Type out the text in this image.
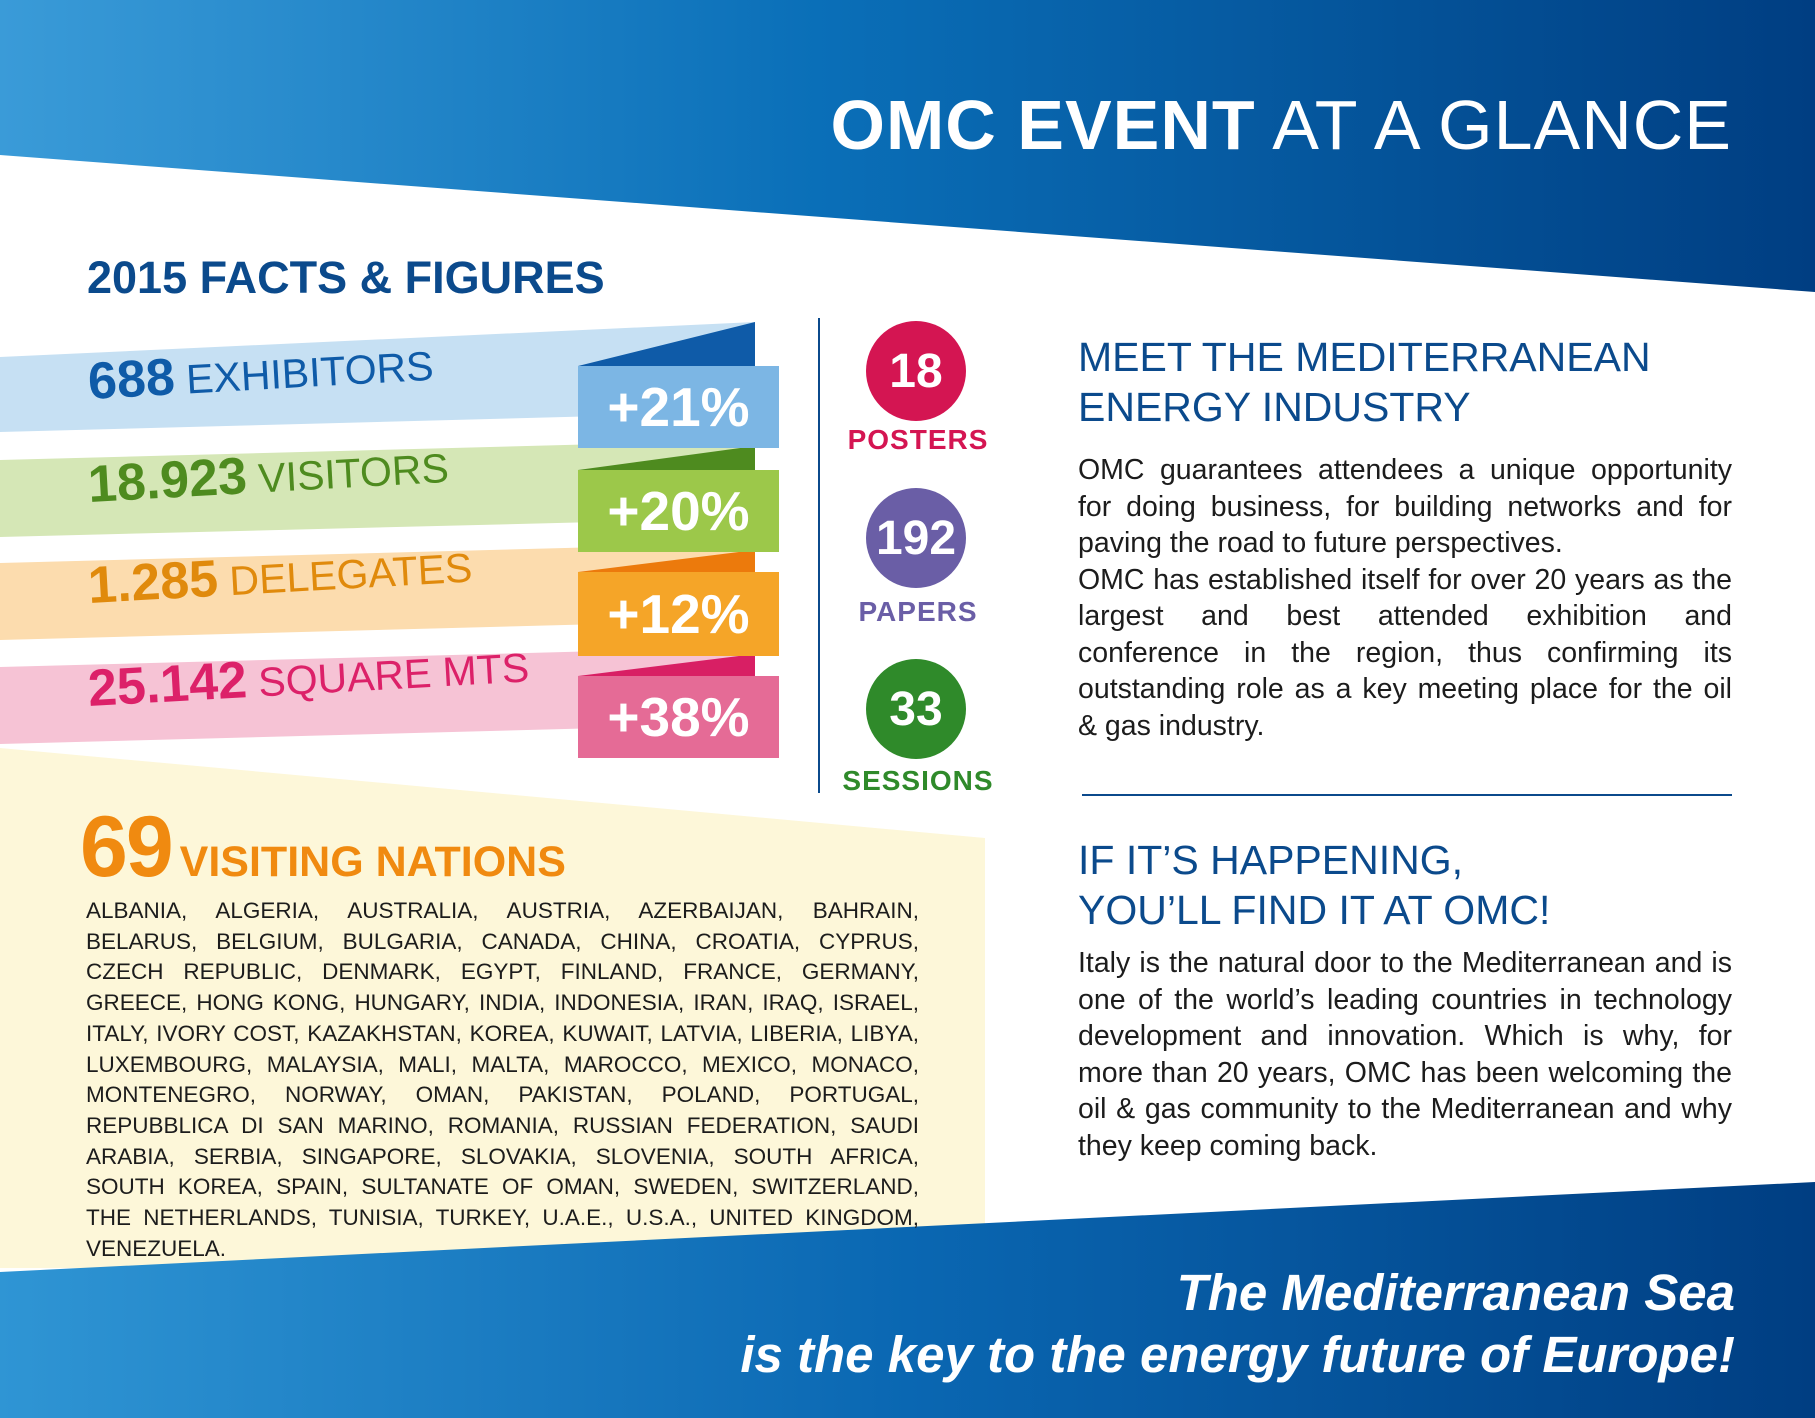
OMC EVENT AT A GLANCE
2015 FACTS & FIGURES
688 EXHIBITORS
18.923 VISITORS
1.285 DELEGATES
25.142 SQUARE MTS
+21%
+20%
+12%
+38%
18
POSTERS
192
PAPERS
33
SESSIONS
MEET THE MEDITERRANEAN
ENERGY INDUSTRY

OMC guarantees attendees a unique opportunity for doing business, for building networks and for paving the road to future perspectives.

OMC has established itself for over 20 years as the largest and best attended exhibition and conference in the region, thus confirming its outstanding role as a key meeting place for the oil & gas industry.

IF IT’S HAPPENING,
YOU’LL FIND IT AT OMC!
Italy is the natural door to the Mediterranean and is one of the world’s leading countries in technology development and innovation. Which is why, for more than 20 years, OMC has been welcoming the oil & gas community to the Mediterranean and why they keep coming back.
69 VISITING NATIONS
ALBANIA, ALGERIA, AUSTRALIA, AUSTRIA, AZERBAIJAN, BAHRAIN, BELARUS, BELGIUM, BULGARIA, CANADA, CHINA, CROATIA, CYPRUS, CZECH REPUBLIC, DENMARK, EGYPT, FINLAND, FRANCE, GERMANY, GREECE, HONG KONG, HUNGARY, INDIA, INDONESIA, IRAN, IRAQ, ISRAEL, ITALY, IVORY COST, KAZAKHSTAN, KOREA, KUWAIT, LATVIA, LIBERIA, LIBYA, LUXEMBOURG, MALAYSIA, MALI, MALTA, MAROCCO, MEXICO, MONACO, MONTENEGRO, NORWAY, OMAN, PAKISTAN, POLAND, PORTUGAL, REPUBBLICA DI SAN MARINO, ROMANIA, RUSSIAN FEDERATION, SAUDI ARABIA, SERBIA, SINGAPORE, SLOVAKIA, SLOVENIA, SOUTH AFRICA, SOUTH KOREA, SPAIN, SULTANATE OF OMAN, SWEDEN, SWITZERLAND, THE NETHERLANDS, TUNISIA, TURKEY, U.A.E., U.S.A., UNITED KINGDOM, VENEZUELA.
The Mediterranean Sea
is the key to the energy future of Europe!
